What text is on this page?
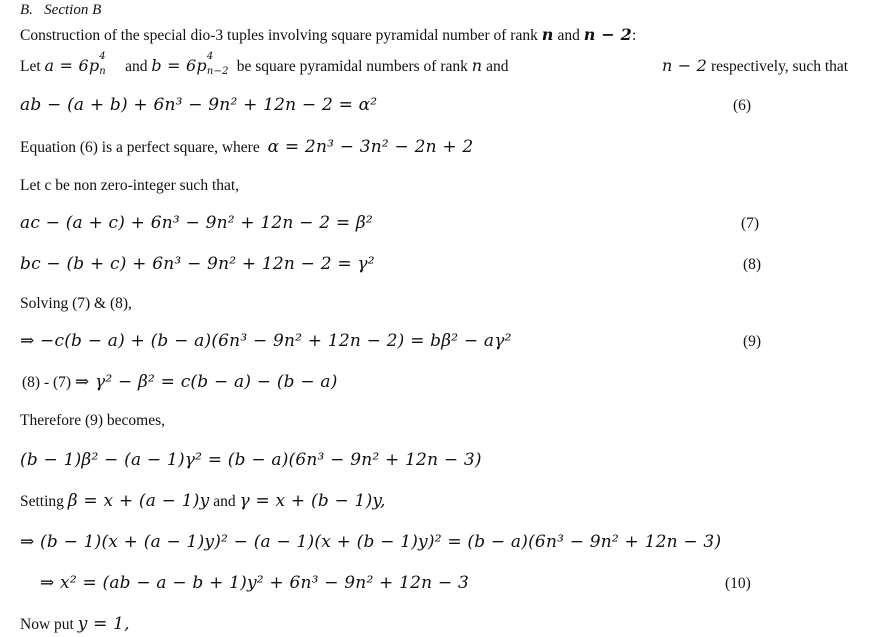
B. Section B
Construction of the special dio-3 tuples involving square pyramidal number of rank n and n − 2:
Let a = 6p 4
n and b = 6p 4
n−2 be square pyramidal numbers of rank n and	n − 2 respectively, such that
ab − (a + b) + 6n³ − 9n² + 12n − 2 = α²	(6)
Equation (6) is a perfect square, where α = 2n³ − 3n² − 2n + 2
Let c be non zero-integer such that,
ac − (a + c) + 6n³ − 9n² + 12n − 2 = β²	(7)
bc − (b + c) + 6n³ − 9n² + 12n − 2 = γ²	(8)
Solving (7) & (8),
⇒ −c(b − a) + (b − a)(6n³ − 9n² + 12n − 2) = bβ² − aγ²	(9)
(8) - (7) ⇒ γ² − β² = c(b − a) − (b − a)
Therefore (9) becomes,
(b − 1)β² − (a − 1)γ² = (b − a)(6n³ − 9n² + 12n − 3)
Setting β = x + (a − 1)y and γ = x + (b − 1)y,
⇒ (b − 1)(x + (a − 1)y)² − (a − 1)(x + (b − 1)y)² = (b − a)(6n³ − 9n² + 12n − 3)
⇒ x² = (ab − a − b + 1)y² + 6n³ − 9n² + 12n − 3	(10)
Now put y = 1,
